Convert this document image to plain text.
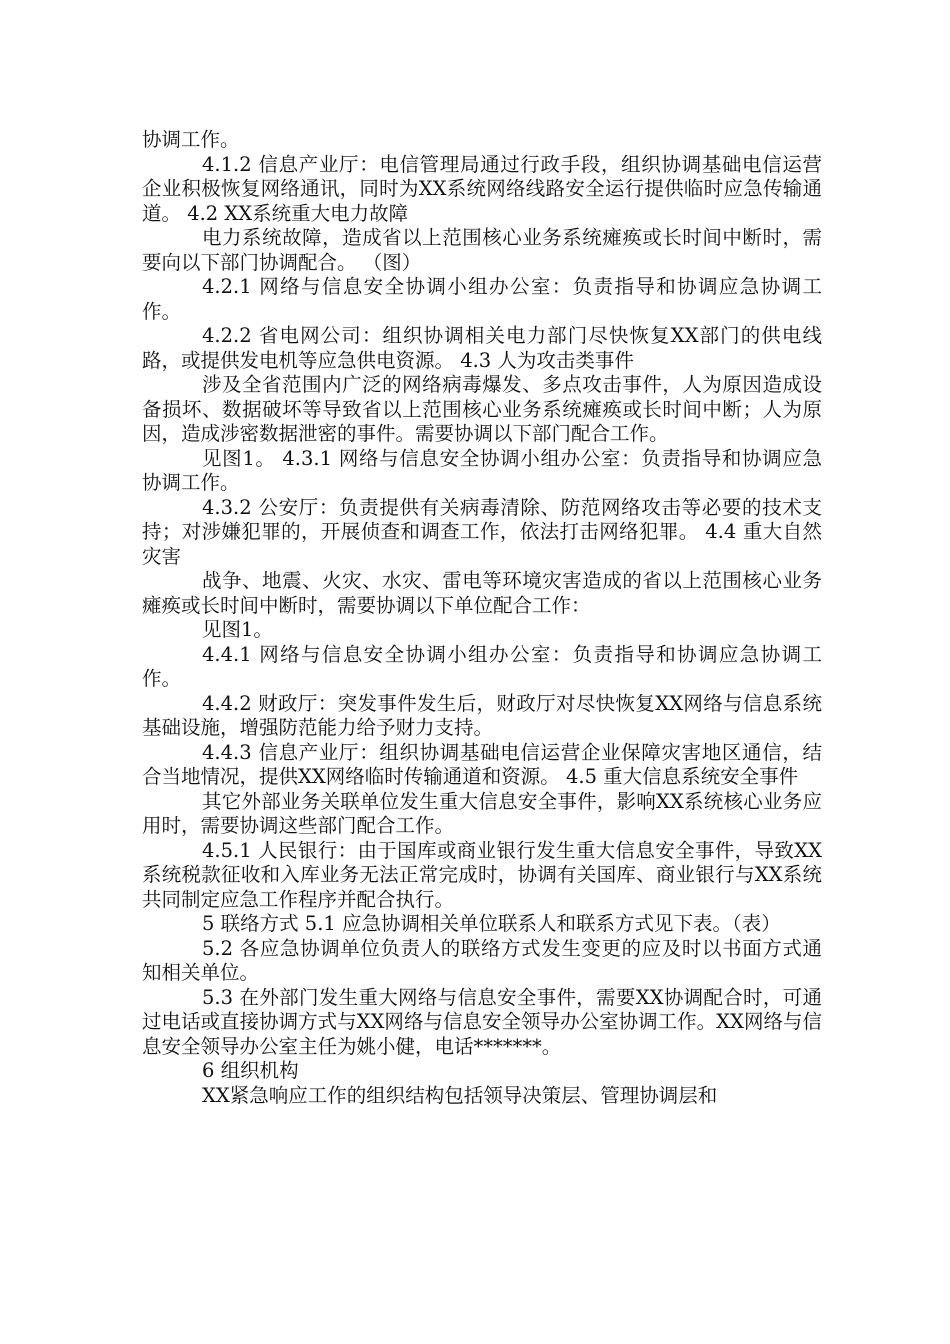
协调工作。

4.1.2 信息产业厅：电信管理局通过行政手段，组织协调基础电信运营企业积极恢复网络通讯，同时为XX系统网络线路安全运行提供临时应急传输通道。 4.2 XX系统重大电力故障

电力系统故障，造成省以上范围核心业务系统瘫痪或长时间中断时，需要向以下部门协调配合。 （图）

4.2.1 网络与信息安全协调小组办公室：负责指导和协调应急协调工作。

4.2.2 省电网公司：组织协调相关电力部门尽快恢复XX部门的供电线路，或提供发电机等应急供电资源。 4.3 人为攻击类事件

涉及全省范围内广泛的网络病毒爆发、多点攻击事件，人为原因造成设备损坏、数据破坏等导致省以上范围核心业务系统瘫痪或长时间中断；人为原因，造成涉密数据泄密的事件。需要协调以下部门配合工作。

见图1。 4.3.1 网络与信息安全协调小组办公室：负责指导和协调应急协调工作。

4.3.2 公安厅：负责提供有关病毒清除、防范网络攻击等必要的技术支持；对涉嫌犯罪的，开展侦查和调查工作，依法打击网络犯罪。 4.4 重大自然灾害

战争、地震、火灾、水灾、雷电等环境灾害造成的省以上范围核心业务瘫痪或长时间中断时，需要协调以下单位配合工作：

见图1。

4.4.1 网络与信息安全协调小组办公室：负责指导和协调应急协调工作。

4.4.2 财政厅：突发事件发生后，财政厅对尽快恢复XX网络与信息系统基础设施，增强防范能力给予财力支持。

4.4.3 信息产业厅：组织协调基础电信运营企业保障灾害地区通信，结合当地情况，提供XX网络临时传输通道和资源。 4.5 重大信息系统安全事件

其它外部业务关联单位发生重大信息安全事件，影响XX系统核心业务应用时，需要协调这些部门配合工作。

4.5.1 人民银行：由于国库或商业银行发生重大信息安全事件，导致XX系统税款征收和入库业务无法正常完成时，协调有关国库、商业银行与XX系统共同制定应急工作程序并配合执行。

5 联络方式 5.1 应急协调相关单位联系人和联系方式见下表。（表）

5.2 各应急协调单位负责人的联络方式发生变更的应及时以书面方式通知相关单位。

5.3 在外部门发生重大网络与信息安全事件，需要XX协调配合时，可通过电话或直接协调方式与XX网络与信息安全领导办公室协调工作。XX网络与信息安全领导办公室主任为姚小健，电话*******。

6 组织机构

XX紧急响应工作的组织结构包括领导决策层、管理协调层和
